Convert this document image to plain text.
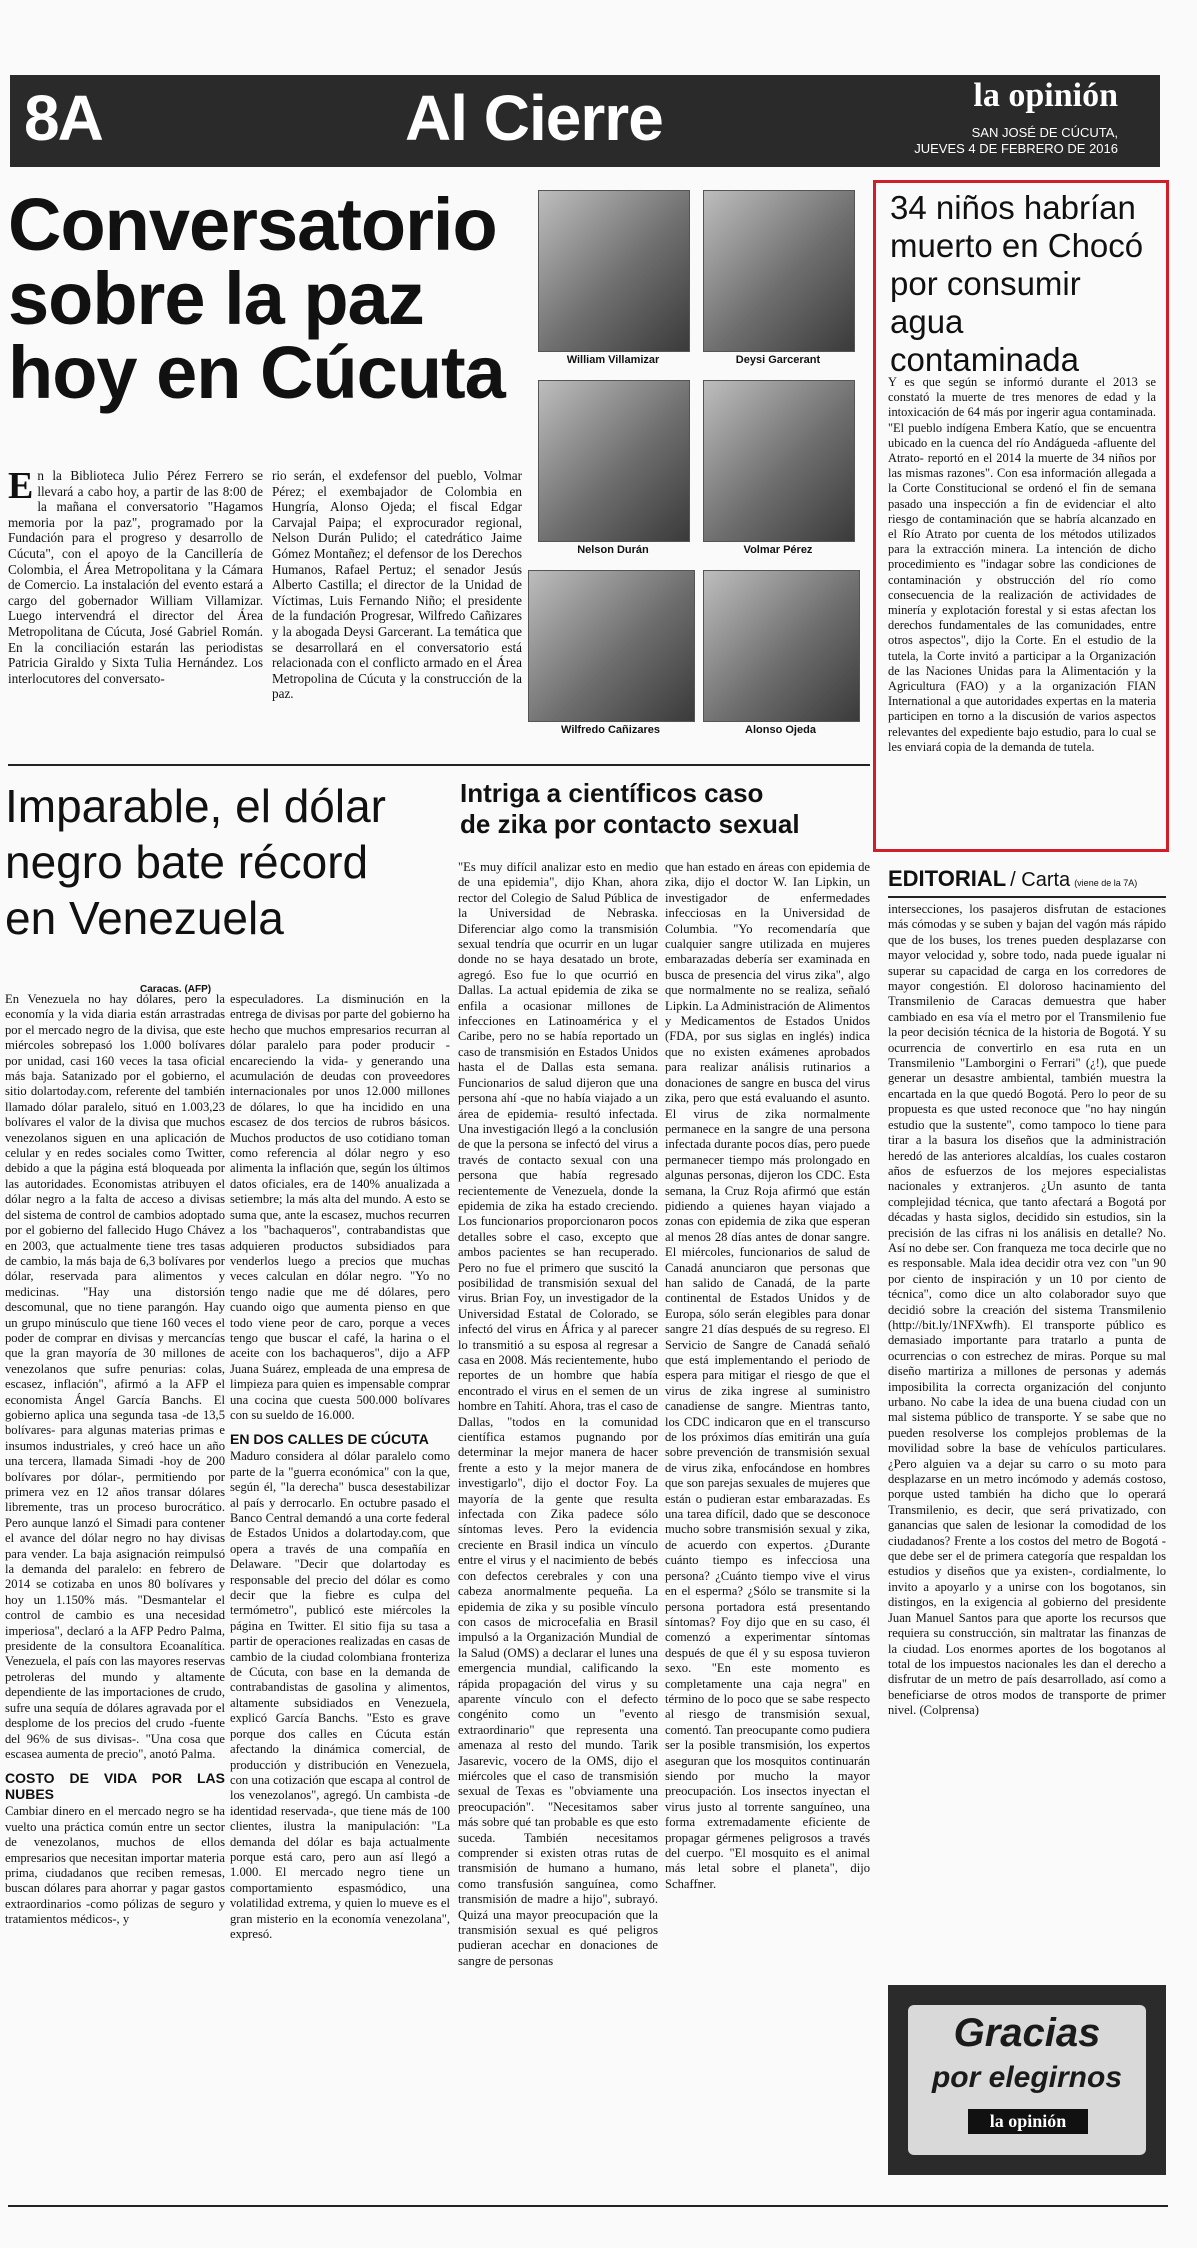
8A	Al Cierre	la opinión
SAN JOSÉ DE CÚCUTA,
JUEVES 4 DE FEBRERO DE 2016
Conversatorio
sobre la paz
hoy en Cúcuta
E n la Biblioteca Julio Pérez Ferrero se llevará a cabo hoy, a partir de las 8:00 de la mañana el conversatorio "Hagamos memoria por la paz", programado por la Fundación para el progreso y desarrollo de Cúcuta", con el apoyo de la Cancillería de Colombia, el Área Metropolitana y la Cámara de Comercio. La instalación del evento estará a cargo del gobernador William Villamizar. Luego intervendrá el director del Área Metropolitana de Cúcuta, José Gabriel Román. En la conciliación estarán las periodistas Patricia Giraldo y Sixta Tulia Hernández. Los interlocutores del conversato-
rio serán, el exdefensor del pueblo, Volmar Pérez; el exembajador de Colombia en Hungría, Alonso Ojeda; el fiscal Edgar Carvajal Paipa; el exprocurador regional, Nelson Durán Pulido; el catedrático Jaime Gómez Montañez; el defensor de los Derechos Humanos, Rafael Pertuz; el senador Jesús Alberto Castilla; el director de la Unidad de Víctimas, Luis Fernando Niño; el presidente de la fundación Progresar, Wilfredo Cañizares y la abogada Deysi Garcerant. La temática que se desarrollará en el conversatorio está relacionada con el conflicto armado en el Área Metropolina de Cúcuta y la construcción de la paz.
William Villamizar	Deysi Garcerant
Nelson Durán	Volmar Pérez
Wilfredo Cañizares	Alonso Ojeda
34 niños habrían
muerto en Chocó
por consumir
agua contaminada
Y es que según se informó durante el 2013 se constató la muerte de tres menores de edad y la intoxicación de 64 más por ingerir agua contaminada. "El pueblo indígena Embera Katío, que se encuentra ubicado en la cuenca del río Andágueda -afluente del Atrato- reportó en el 2014 la muerte de 34 niños por las mismas razones". Con esa información allegada a la Corte Constitucional se ordenó el fin de semana pasado una inspección a fin de evidenciar el alto riesgo de contaminación que se habría alcanzado en el Río Atrato por cuenta de los métodos utilizados para la extracción minera. La intención de dicho procedimiento es "indagar sobre las condiciones de contaminación y obstrucción del río como consecuencia de la realización de actividades de minería y explotación forestal y si estas afectan los derechos fundamentales de las comunidades, entre otros aspectos", dijo la Corte. En el estudio de la tutela, la Corte invitó a participar a la Organización de las Naciones Unidas para la Alimentación y la Agricultura (FAO) y a la organización FIAN International a que autoridades expertas en la materia participen en torno a la discusión de varios aspectos relevantes del expediente bajo estudio, para lo cual se les enviará copia de la demanda de tutela.
Imparable, el dólar
negro bate récord
en Venezuela
Caracas. (AFP)
En Venezuela no hay dólares, pero la economía y la vida diaria están arrastradas por el mercado negro de la divisa, que este miércoles sobrepasó los 1.000 bolívares por unidad, casi 160 veces la tasa oficial más baja. Satanizado por el gobierno, el sitio dolartoday.com, referente del también llamado dólar paralelo, situó en 1.003,23 bolívares el valor de la divisa que muchos venezolanos siguen en una aplicación de celular y en redes sociales como Twitter, debido a que la página está bloqueada por las autoridades. Economistas atribuyen el dólar negro a la falta de acceso a divisas del sistema de control de cambios adoptado por el gobierno del fallecido Hugo Chávez en 2003, que actualmente tiene tres tasas de cambio, la más baja de 6,3 bolívares por dólar, reservada para alimentos y medicinas. "Hay una distorsión descomunal, que no tiene parangón. Hay un grupo minúsculo que tiene 160 veces el poder de comprar en divisas y mercancías que la gran mayoría de 30 millones de venezolanos que sufre penurias: colas, escasez, inflación", afirmó a la AFP el economista Ángel García Banchs. El gobierno aplica una segunda tasa -de 13,5 bolívares- para algunas materias primas e insumos industriales, y creó hace un año una tercera, llamada Simadi -hoy de 200 bolívares por dólar-, permitiendo por primera vez en 12 años transar dólares libremente, tras un proceso burocrático. Pero aunque lanzó el Simadi para contener el avance del dólar negro no hay divisas para vender. La baja asignación reimpulsó la demanda del paralelo: en febrero de 2014 se cotizaba en unos 80 bolívares y hoy un 1.150% más. "Desmantelar el control de cambio es una necesidad imperiosa", declaró a la AFP Pedro Palma, presidente de la consultora Ecoanalítica. Venezuela, el país con las mayores reservas petroleras del mundo y altamente dependiente de las importaciones de crudo, sufre una sequía de dólares agravada por el desplome de los precios del crudo -fuente del 96% de sus divisas-. "Una cosa que escasea aumenta de precio", anotó Palma.
COSTO DE VIDA POR LAS NUBES
Cambiar dinero en el mercado negro se ha vuelto una práctica común entre un sector de venezolanos, muchos de ellos empresarios que necesitan importar materia prima, ciudadanos que reciben remesas, buscan dólares para ahorrar y pagar gastos extraordinarios -como pólizas de seguro y tratamientos médicos-, y
especuladores. La disminución en la entrega de divisas por parte del gobierno ha hecho que muchos empresarios recurran al dólar paralelo para poder producir -encareciendo la vida- y generando una acumulación de deudas con proveedores internacionales por unos 12.000 millones de dólares, lo que ha incidido en una escasez de dos tercios de rubros básicos. Muchos productos de uso cotidiano toman como referencia al dólar negro y eso alimenta la inflación que, según los últimos datos oficiales, era de 140% anualizada a setiembre; la más alta del mundo. A esto se suma que, ante la escasez, muchos recurren a los "bachaqueros", contrabandistas que adquieren productos subsidiados para venderlos luego a precios que muchas veces calculan en dólar negro. "Yo no tengo nadie que me dé dólares, pero cuando oigo que aumenta pienso en que todo viene peor de caro, porque a veces tengo que buscar el café, la harina o el aceite con los bachaqueros", dijo a AFP Juana Suárez, empleada de una empresa de limpieza para quien es impensable comprar una cocina que cuesta 500.000 bolívares con su sueldo de 16.000.
EN DOS CALLES DE CÚCUTA
Maduro considera al dólar paralelo como parte de la "guerra económica" con la que, según él, "la derecha" busca desestabilizar al país y derrocarlo. En octubre pasado el Banco Central demandó a una corte federal de Estados Unidos a dolartoday.com, que opera a través de una compañía en Delaware. "Decir que dolartoday es responsable del precio del dólar es como decir que la fiebre es culpa del termómetro", publicó este miércoles la página en Twitter. El sitio fija su tasa a partir de operaciones realizadas en casas de cambio de la ciudad colombiana fronteriza de Cúcuta, con base en la demanda de contrabandistas de gasolina y alimentos, altamente subsidiados en Venezuela, explicó García Banchs. "Esto es grave porque dos calles en Cúcuta están afectando la dinámica comercial, de producción y distribución en Venezuela, con una cotización que escapa al control de los venezolanos", agregó. Un cambista -de identidad reservada-, que tiene más de 100 clientes, ilustra la manipulación: "La demanda del dólar es baja actualmente porque está caro, pero aun así llegó a 1.000. El mercado negro tiene un comportamiento espasmódico, una volatilidad extrema, y quien lo mueve es el gran misterio en la economía venezolana", expresó.
Intriga a científicos caso
de zika por contacto sexual
"Es muy difícil analizar esto en medio de una epidemia", dijo Khan, ahora rector del Colegio de Salud Pública de la Universidad de Nebraska. Diferenciar algo como la transmisión sexual tendría que ocurrir en un lugar donde no se haya desatado un brote, agregó. Eso fue lo que ocurrió en Dallas. La actual epidemia de zika se enfila a ocasionar millones de infecciones en Latinoamérica y el Caribe, pero no se había reportado un caso de transmisión en Estados Unidos hasta el de Dallas esta semana. Funcionarios de salud dijeron que una persona ahí -que no había viajado a un área de epidemia- resultó infectada. Una investigación llegó a la conclusión de que la persona se infectó del virus a través de contacto sexual con una persona que había regresado recientemente de Venezuela, donde la epidemia de zika ha estado creciendo. Los funcionarios proporcionaron pocos detalles sobre el caso, excepto que ambos pacientes se han recuperado. Pero no fue el primero que suscitó la posibilidad de transmisión sexual del virus. Brian Foy, un investigador de la Universidad Estatal de Colorado, se infectó del virus en África y al parecer lo transmitió a su esposa al regresar a casa en 2008. Más recientemente, hubo reportes de un hombre que había encontrado el virus en el semen de un hombre en Tahití. Ahora, tras el caso de Dallas, "todos en la comunidad científica estamos pugnando por determinar la mejor manera de hacer frente a esto y la mejor manera de investigarlo", dijo el doctor Foy. La mayoría de la gente que resulta infectada con Zika padece sólo síntomas leves. Pero la evidencia creciente en Brasil indica un vínculo entre el virus y el nacimiento de bebés con defectos cerebrales y con una cabeza anormalmente pequeña. La epidemia de zika y su posible vínculo con casos de microcefalia en Brasil impulsó a la Organización Mundial de la Salud (OMS) a declarar el lunes una emergencia mundial, calificando la rápida propagación del virus y su aparente vínculo con el defecto congénito como un "evento extraordinario" que representa una amenaza al resto del mundo. Tarik Jasarevic, vocero de la OMS, dijo el miércoles que el caso de transmisión sexual de Texas es "obviamente una preocupación". "Necesitamos saber más sobre qué tan probable es que esto suceda. También necesitamos comprender si existen otras rutas de transmisión de humano a humano, como transfusión sanguínea, como transmisión de madre a hijo", subrayó. Quizá una mayor preocupación que la transmisión sexual es qué peligros pudieran acechar en donaciones de sangre de personas
que han estado en áreas con epidemia de zika, dijo el doctor W. Ian Lipkin, un investigador de enfermedades infecciosas en la Universidad de Columbia. "Yo recomendaría que cualquier sangre utilizada en mujeres embarazadas debería ser examinada en busca de presencia del virus zika", algo que normalmente no se realiza, señaló Lipkin. La Administración de Alimentos y Medicamentos de Estados Unidos (FDA, por sus siglas en inglés) indica que no existen exámenes aprobados para realizar análisis rutinarios a donaciones de sangre en busca del virus zika, pero que está evaluando el asunto. El virus de zika normalmente permanece en la sangre de una persona infectada durante pocos días, pero puede permanecer tiempo más prolongado en algunas personas, dijeron los CDC. Esta semana, la Cruz Roja afirmó que están pidiendo a quienes hayan viajado a zonas con epidemia de zika que esperan al menos 28 días antes de donar sangre. El miércoles, funcionarios de salud de Canadá anunciaron que personas que han salido de Canadá, de la parte continental de Estados Unidos y de Europa, sólo serán elegibles para donar sangre 21 días después de su regreso. El Servicio de Sangre de Canadá señaló que está implementando el periodo de espera para mitigar el riesgo de que el virus de zika ingrese al suministro canadiense de sangre. Mientras tanto, los CDC indicaron que en el transcurso de los próximos días emitirán una guía sobre prevención de transmisión sexual de virus zika, enfocándose en hombres que son parejas sexuales de mujeres que están o pudieran estar embarazadas. Es una tarea difícil, dado que se desconoce mucho sobre transmisión sexual y zika, de acuerdo con expertos. ¿Durante cuánto tiempo es infecciosa una persona? ¿Cuánto tiempo vive el virus en el esperma? ¿Sólo se transmite si la persona portadora está presentando síntomas? Foy dijo que en su caso, él comenzó a experimentar síntomas después de que él y su esposa tuvieron sexo. "En este momento es completamente una caja negra" en término de lo poco que se sabe respecto al riesgo de transmisión sexual, comentó. Tan preocupante como pudiera ser la posible transmisión, los expertos aseguran que los mosquitos continuarán siendo por mucho la mayor preocupación. Los insectos inyectan el virus justo al torrente sanguíneo, una forma extremadamente eficiente de propagar gérmenes peligrosos a través del cuerpo. "El mosquito es el animal más letal sobre el planeta", dijo Schaffner.
EDITORIAL / Carta (viene de la 7A)
intersecciones, los pasajeros disfrutan de estaciones más cómodas y se suben y bajan del vagón más rápido que de los buses, los trenes pueden desplazarse con mayor velocidad y, sobre todo, nada puede igualar ni superar su capacidad de carga en los corredores de mayor congestión. El doloroso hacinamiento del Transmilenio de Caracas demuestra que haber cambiado en esa vía el metro por el Transmilenio fue la peor decisión técnica de la historia de Bogotá. Y su ocurrencia de convertirlo en esa ruta en un Transmilenio "Lamborgini o Ferrari" (¿!), que puede generar un desastre ambiental, también muestra la encartada en la que quedó Bogotá. Pero lo peor de su propuesta es que usted reconoce que "no hay ningún estudio que la sustente", como tampoco lo tiene para tirar a la basura los diseños que la administración heredó de las anteriores alcaldías, los cuales costaron años de esfuerzos de los mejores especialistas nacionales y extranjeros. ¿Un asunto de tanta complejidad técnica, que tanto afectará a Bogotá por décadas y hasta siglos, decidido sin estudios, sin la precisión de las cifras ni los análisis en detalle? No. Así no debe ser. Con franqueza me toca decirle que no es responsable. Mala idea decidir otra vez con "un 90 por ciento de inspiración y un 10 por ciento de técnica", como dice un alto colaborador suyo que decidió sobre la creación del sistema Transmilenio (http://bit.ly/1NFXwfh). El transporte público es demasiado importante para tratarlo a punta de ocurrencias o con estrechez de miras. Porque su mal diseño martiriza a millones de personas y además imposibilita la correcta organización del conjunto urbano. No cabe la idea de una buena ciudad con un mal sistema público de transporte. Y se sabe que no pueden resolverse los complejos problemas de la movilidad sobre la base de vehículos particulares. ¿Pero alguien va a dejar su carro o su moto para desplazarse en un metro incómodo y además costoso, porque usted también ha dicho que lo operará Transmilenio, es decir, que será privatizado, con ganancias que salen de lesionar la comodidad de los ciudadanos? Frente a los costos del metro de Bogotá -que debe ser el de primera categoría que respaldan los estudios y diseños que ya existen-, cordialmente, lo invito a apoyarlo y a unirse con los bogotanos, sin distingos, en la exigencia al gobierno del presidente Juan Manuel Santos para que aporte los recursos que requiera su construcción, sin maltratar las finanzas de la ciudad. Los enormes aportes de los bogotanos al total de los impuestos nacionales les dan el derecho a disfrutar de un metro de país desarrollado, así como a beneficiarse de otros modos de transporte de primer nivel. (Colprensa)
Gracias
por elegirnos
la opinión
